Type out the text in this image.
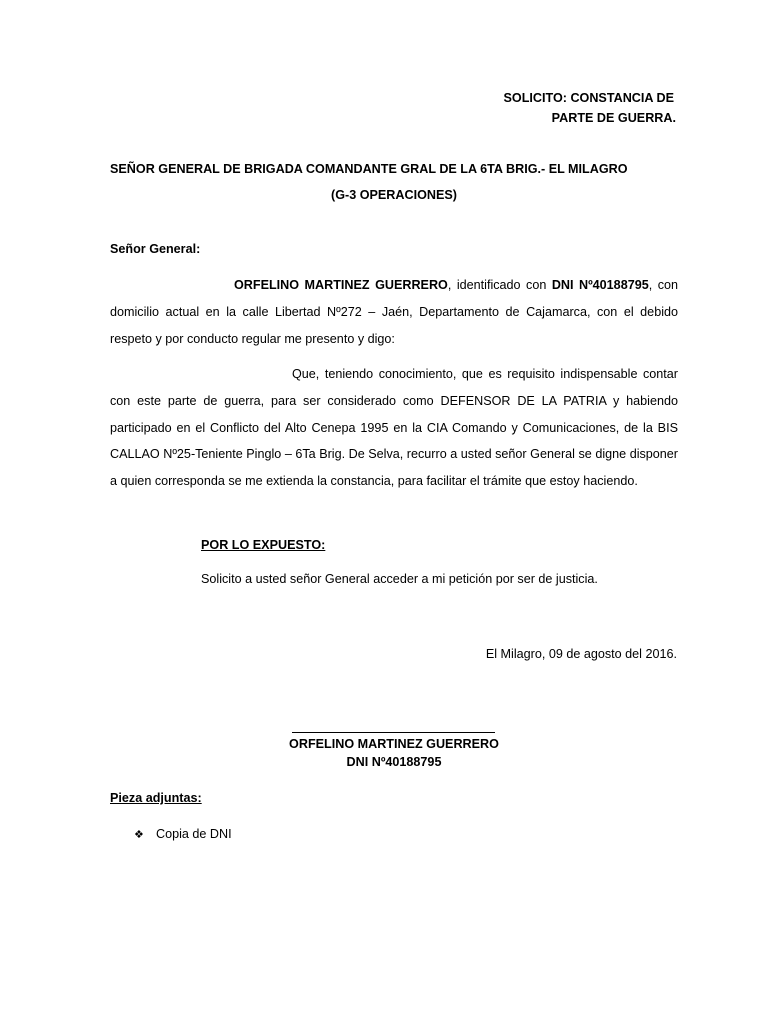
SOLICITO: CONSTANCIA DE
PARTE DE GUERRA.
SEÑOR GENERAL DE BRIGADA COMANDANTE GRAL DE LA 6TA BRIG.- EL MILAGRO
(G-3 OPERACIONES)
Señor General:
ORFELINO MARTINEZ GUERRERO, identificado con DNI Nº40188795, con domicilio actual en la calle Libertad Nº272 – Jaén, Departamento de Cajamarca, con el debido respeto y por conducto regular me presento y digo:
Que, teniendo conocimiento, que es requisito indispensable contar con este parte de guerra, para ser considerado como DEFENSOR DE LA PATRIA y habiendo participado en el Conflicto del Alto Cenepa 1995 en la CIA Comando y Comunicaciones, de la BIS CALLAO Nº25-Teniente Pinglo – 6Ta Brig. De Selva, recurro a usted señor General se digne disponer a quien corresponda se me extienda la constancia, para facilitar el trámite que estoy haciendo.
POR LO EXPUESTO:
Solicito a usted señor General acceder a mi petición por ser de justicia.
El Milagro, 09 de agosto del 2016.
ORFELINO MARTINEZ GUERRERO
DNI Nº40188795
Pieza adjuntas:
❖ Copia de DNI
